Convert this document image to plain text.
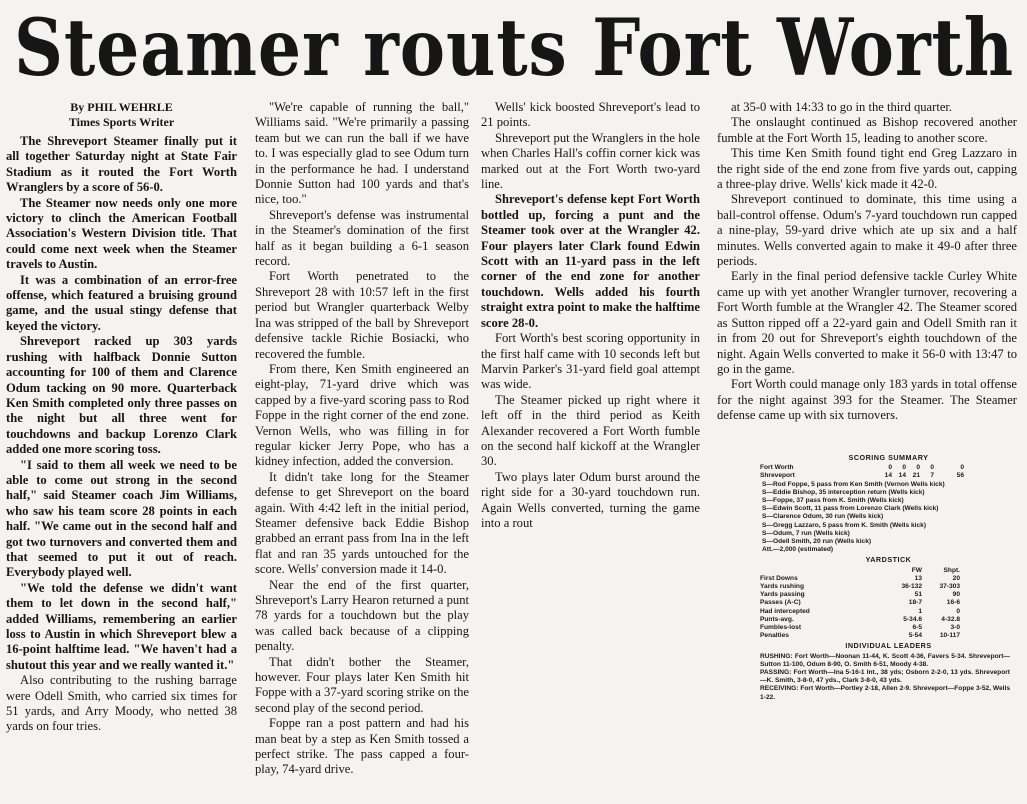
Steamer routs Fort Worth
By PHIL WEHRLE
Times Sports Writer

The Shreveport Steamer finally put it all together Saturday night at State Fair Stadium as it routed the Fort Worth Wranglers by a score of 56-0.

The Steamer now needs only one more victory to clinch the American Football Association's Western Division title. That could come next week when the Steamer travels to Austin.

It was a combination of an error-free offense, which featured a bruising ground game, and the usual stingy defense that keyed the victory.

Shreveport racked up 303 yards rushing with halfback Donnie Sutton accounting for 100 of them and Clarence Odum tacking on 90 more. Quarterback Ken Smith completed only three passes on the night but all three went for touchdowns and backup Lorenzo Clark added one more scoring toss.

"I said to them all week we need to be able to come out strong in the second half," said Steamer coach Jim Williams, who saw his team score 28 points in each half. "We came out in the second half and got two turnovers and converted them and that seemed to put it out of reach. Everybody played well.

"We told the defense we didn't want them to let down in the second half," added Williams, remembering an earlier loss to Austin in which Shreveport blew a 16-point halftime lead. "We haven't had a shutout this year and we really wanted it."

Also contributing to the rushing barrage were Odell Smith, who carried six times for 51 yards, and Arry Moody, who netted 38 yards on four tries.

"We're capable of running the ball," Williams said. "We're primarily a passing team but we can run the ball if we have to. I was especially glad to see Odum turn in the performance he had. I understand Donnie Sutton had 100 yards and that's nice, too."

Shreveport's defense was instrumental in the Steamer's domination of the first half as it began building a 6-1 season record.

Fort Worth penetrated to the Shreveport 28 with 10:57 left in the first period but Wrangler quarterback Welby Ina was stripped of the ball by Shreveport defensive tackle Richie Bosiacki, who recovered the fumble.

From there, Ken Smith engineered an eight-play, 71-yard drive which was capped by a five-yard scoring pass to Rod Foppe in the right corner of the end zone. Vernon Wells, who was filling in for regular kicker Jerry Pope, who has a kidney infection, added the conversion.

It didn't take long for the Steamer defense to get Shreveport on the board again. With 4:42 left in the initial period, Steamer defensive back Eddie Bishop grabbed an errant pass from Ina in the left flat and ran 35 yards untouched for the score. Wells' conversion made it 14-0.

Near the end of the first quarter, Shreveport's Larry Hearon returned a punt 78 yards for a touchdown but the play was called back because of a clipping penalty.

That didn't bother the Steamer, however. Four plays later Ken Smith hit Foppe with a 37-yard scoring strike on the second play of the second period.

Foppe ran a post pattern and had his man beat by a step as Ken Smith tossed a perfect strike. The pass capped a four-play, 74-yard drive.

Wells' kick boosted Shreveport's lead to 21 points.

Shreveport put the Wranglers in the hole when Charles Hall's coffin corner kick was marked out at the Fort Worth two-yard line.

Shreveport's defense kept Fort Worth bottled up, forcing a punt and the Steamer took over at the Wrangler 42. Four players later Clark found Edwin Scott with an 11-yard pass in the left corner of the end zone for another touchdown. Wells added his fourth straight extra point to make the halftime score 28-0.

Fort Worth's best scoring opportunity in the first half came with 10 seconds left but Marvin Parker's 31-yard field goal attempt was wide.

The Steamer picked up right where it left off in the third period as Keith Alexander recovered a Fort Worth fumble on the second half kickoff at the Wrangler 30.

Two plays later Odum burst around the right side for a 30-yard touchdown run. Again Wells converted, turning the game into a rout

at 35-0 with 14:33 to go in the third quarter.

The onslaught continued as Bishop recovered another fumble at the Fort Worth 15, leading to another score.

This time Ken Smith found tight end Greg Lazzaro in the right side of the end zone from five yards out, capping a three-play drive. Wells' kick made it 42-0.

Shreveport continued to dominate, this time using a ball-control offense. Odum's 7-yard touchdown run capped a nine-play, 59-yard drive which ate up six and a half minutes. Wells converted again to make it 49-0 after three periods.

Early in the final period defensive tackle Curley White came up with yet another Wrangler turnover, recovering a Fort Worth fumble at the Wrangler 42. The Steamer scored as Sutton ripped off a 22-yard gain and Odell Smith ran it in from 20 out for Shreveport's eighth touchdown of the night. Again Wells converted to make it 56-0 with 13:47 to go in the game.

Fort Worth could manage only 183 yards in total offense for the night against 393 for the Steamer. The Steamer defense came up with six turnovers.

SCORING SUMMARY
Fort Worth	0	0	0	0	0
Shreveport	14	14	21	7	56
S—Rod Foppe, 5 pass from Ken Smith (Vernon Wells kick)
S—Eddie Bishop, 35 interception return (Wells kick)
S—Foppe, 37 pass from K. Smith (Wells kick)
S—Edwin Scott, 11 pass from Lorenzo Clark (Wells kick)
S—Clarence Odum, 30 run (Wells kick)
S—Gregg Lazzaro, 5 pass from K. Smith (Wells kick)
S—Odum, 7 run (Wells kick)
S—Odell Smith, 20 run (Wells kick)
Att.—2,000 (estimated)
YARDSTICK
FW	Shpt.
First Downs	13	20
Yards rushing	36-132	37-303
Yards passing	51	90
Passes (A-C)	18-7	16-6
Had intercepted	1	0
Punts-avg.	5-34.6	4-32.8
Fumbles-lost	6-5	3-0
Penalties	5-54	10-117
INDIVIDUAL LEADERS
RUSHING: Fort Worth—Noonan 11-44, K. Scott 4-36, Favers 5-34. Shreveport—Sutton 11-100, Odum 8-90, O. Smith 6-51, Moody 4-38.
PASSING: Fort Worth—Ina 5-16-1 Int., 38 yds; Osborn 2-2-0, 13 yds. Shreveport—K. Smith, 3-8-0, 47 yds., Clark 3-8-0, 43 yds.
RECEIVING: Fort Worth—Portley 2-18, Allen 2-9. Shreveport—Foppe 3-52, Wells 1-22.
